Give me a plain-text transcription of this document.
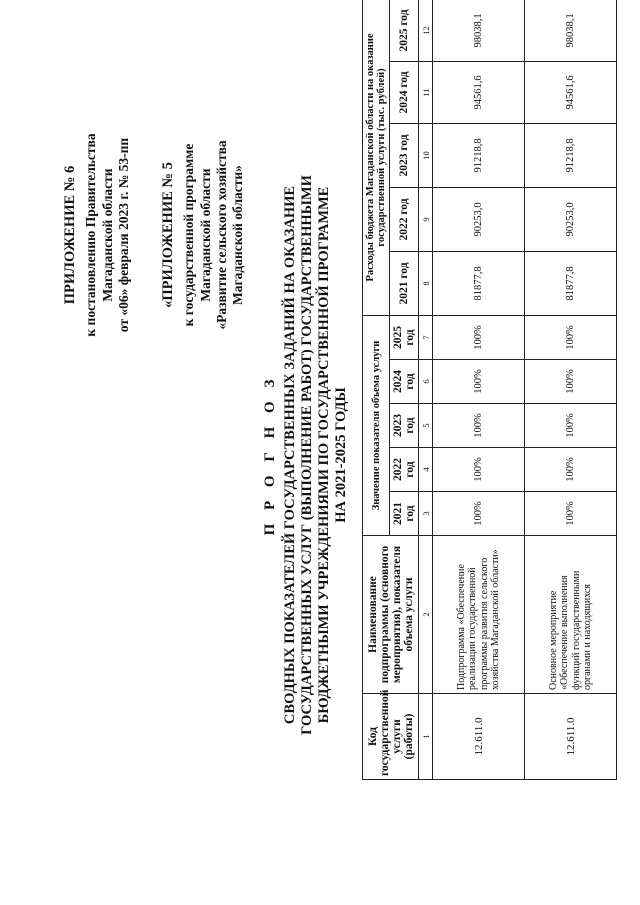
ПРИЛОЖЕНИЕ № 6 к постановлению Правительства Магаданской области от «06» февраля 2023 г. № 53-пп «ПРИЛОЖЕНИЕ № 5 к государственной программе Магаданской области «Развитие сельского хозяйства Магаданской области»
П Р О Г Н О З СВОДНЫХ ПОКАЗАТЕЛЕЙ ГОСУДАРСТВЕННЫХ ЗАДАНИЙ НА ОКАЗАНИЕ ГОСУДАРСТВЕННЫХ УСЛУГ (ВЫПОЛНЕНИЕ РАБОТ) ГОСУДАРСТВЕННЫМИ БЮДЖЕТНЫМИ УЧРЕЖДЕНИЯМИ ПО ГОСУДАРСТВЕННОЙ ПРОГРАММЕ НА 2021-2025 ГОДЫ
Код государственной услуги (работы)	Наименование подпрограммы (основного мероприятия), показателя объема услуги	Значение показателя объема услуги					Расходы бюджета Магаданской области на оказание государственной услуги (тыс. рублей)				
		2021 год	2022 год	2023 год	2024 год	2025 год	2021 год	2022 год	2023 год	2024 год	2025 год
1	2	3	4	5	6	7	8	9	10	11	12
12.611.0	Подпрограмма «Обеспечение реализации государственной программы развития сельского хозяйства Магаданской области»	100%	100%	100%	100%	100%	81877,8	90253,0	91218,8	94561,6	98038,1
12.611.0	Основное мероприятие «Обеспечение выполнения функций государственными органами и находящихся	100%	100%	100%	100%	100%	81877,8	90253,0	91218,8	94561,6	98038,1
